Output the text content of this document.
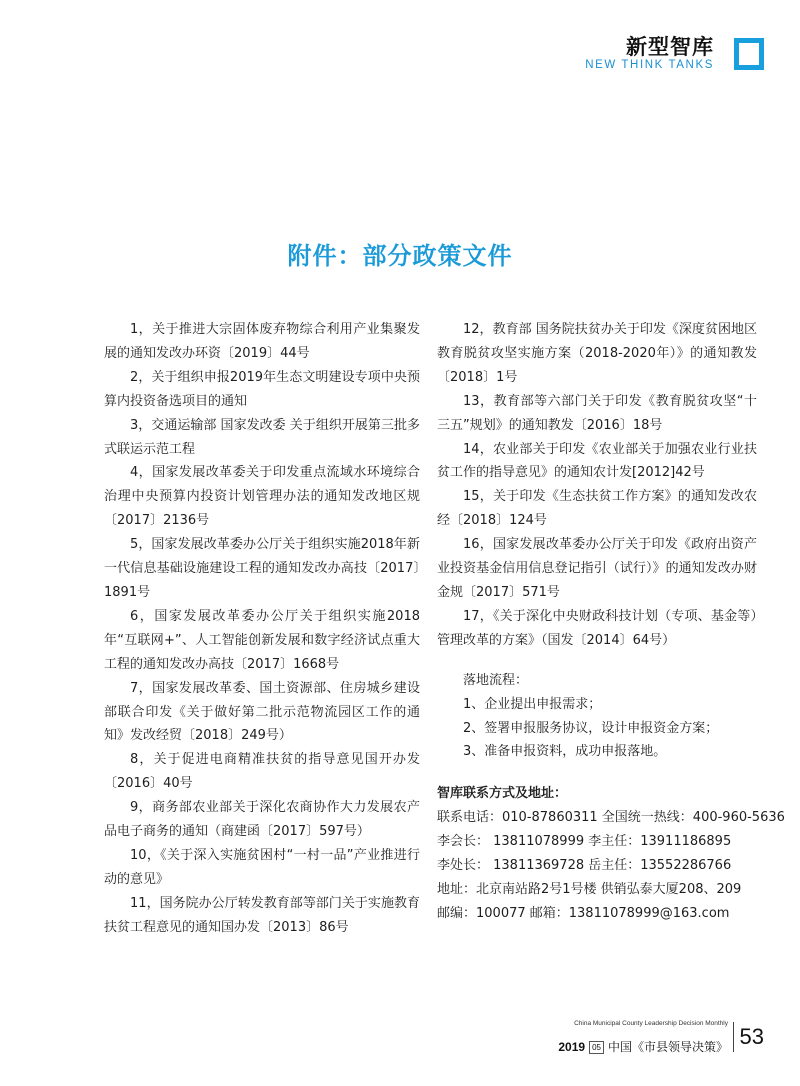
新型智库
NEW THINK TANKS
附件：部分政策文件

1，关于推进大宗固体废弃物综合利用产业集聚发展的通知发改办环资〔2019〕44号

2，关于组织申报2019年生态文明建设专项中央预算内投资备选项目的通知

3，交通运输部 国家发改委 关于组织开展第三批多式联运示范工程

4，国家发展改革委关于印发重点流域水环境综合治理中央预算内投资计划管理办法的通知发改地区规〔2017〕2136号

5，国家发展改革委办公厅关于组织实施2018年新一代信息基础设施建设工程的通知发改办高技〔2017〕1891号

6，国家发展改革委办公厅关于组织实施2018年“互联网+”、人工智能创新发展和数字经济试点重大工程的通知发改办高技〔2017〕1668号

7，国家发展改革委、国土资源部、住房城乡建设部联合印发《关于做好第二批示范物流园区工作的通知》发改经贸〔2018〕249号）

8，关于促进电商精准扶贫的指导意见国开办发〔2016〕40号

9，商务部农业部关于深化农商协作大力发展农产品电子商务的通知（商建函〔2017〕597号）

10，《关于深入实施贫困村“一村一品”产业推进行动的意见》

11，国务院办公厅转发教育部等部门关于实施教育扶贫工程意见的通知国办发〔2013〕86号

12，教育部 国务院扶贫办关于印发《深度贫困地区教育脱贫攻坚实施方案（2018-2020年）》的通知教发〔2018〕1号

13，教育部等六部门关于印发《教育脱贫攻坚“十三五”规划》的通知教发〔2016〕18号

14，农业部关于印发《农业部关于加强农业行业扶贫工作的指导意见》的通知农计发[2012]42号

15，关于印发《生态扶贫工作方案》的通知发改农经〔2018〕124号

16，国家发展改革委办公厅关于印发《政府出资产业投资基金信用信息登记指引（试行）》的通知发改办财金规〔2017〕571号

17，《关于深化中央财政科技计划（专项、基金等）管理改革的方案》（国发〔2014〕64号）

落地流程：

1、企业提出申报需求；

2、签署申报服务协议，设计申报资金方案；

3、准备申报资料，成功申报落地。

智库联系方式及地址：

联系电话：010-87860311 全国统一热线：400-960-5636

李会长： 13811078999 李主任：13911186895

李处长： 13811369728 岳主任：13552286766

地址：北京南站路2号1号楼 供销弘泰大厦208、209

邮编：100077 邮箱：13811078999@163.com

China Municipal County Leadership Decision Monthly
2019 05 中国《市县领导决策》 53
